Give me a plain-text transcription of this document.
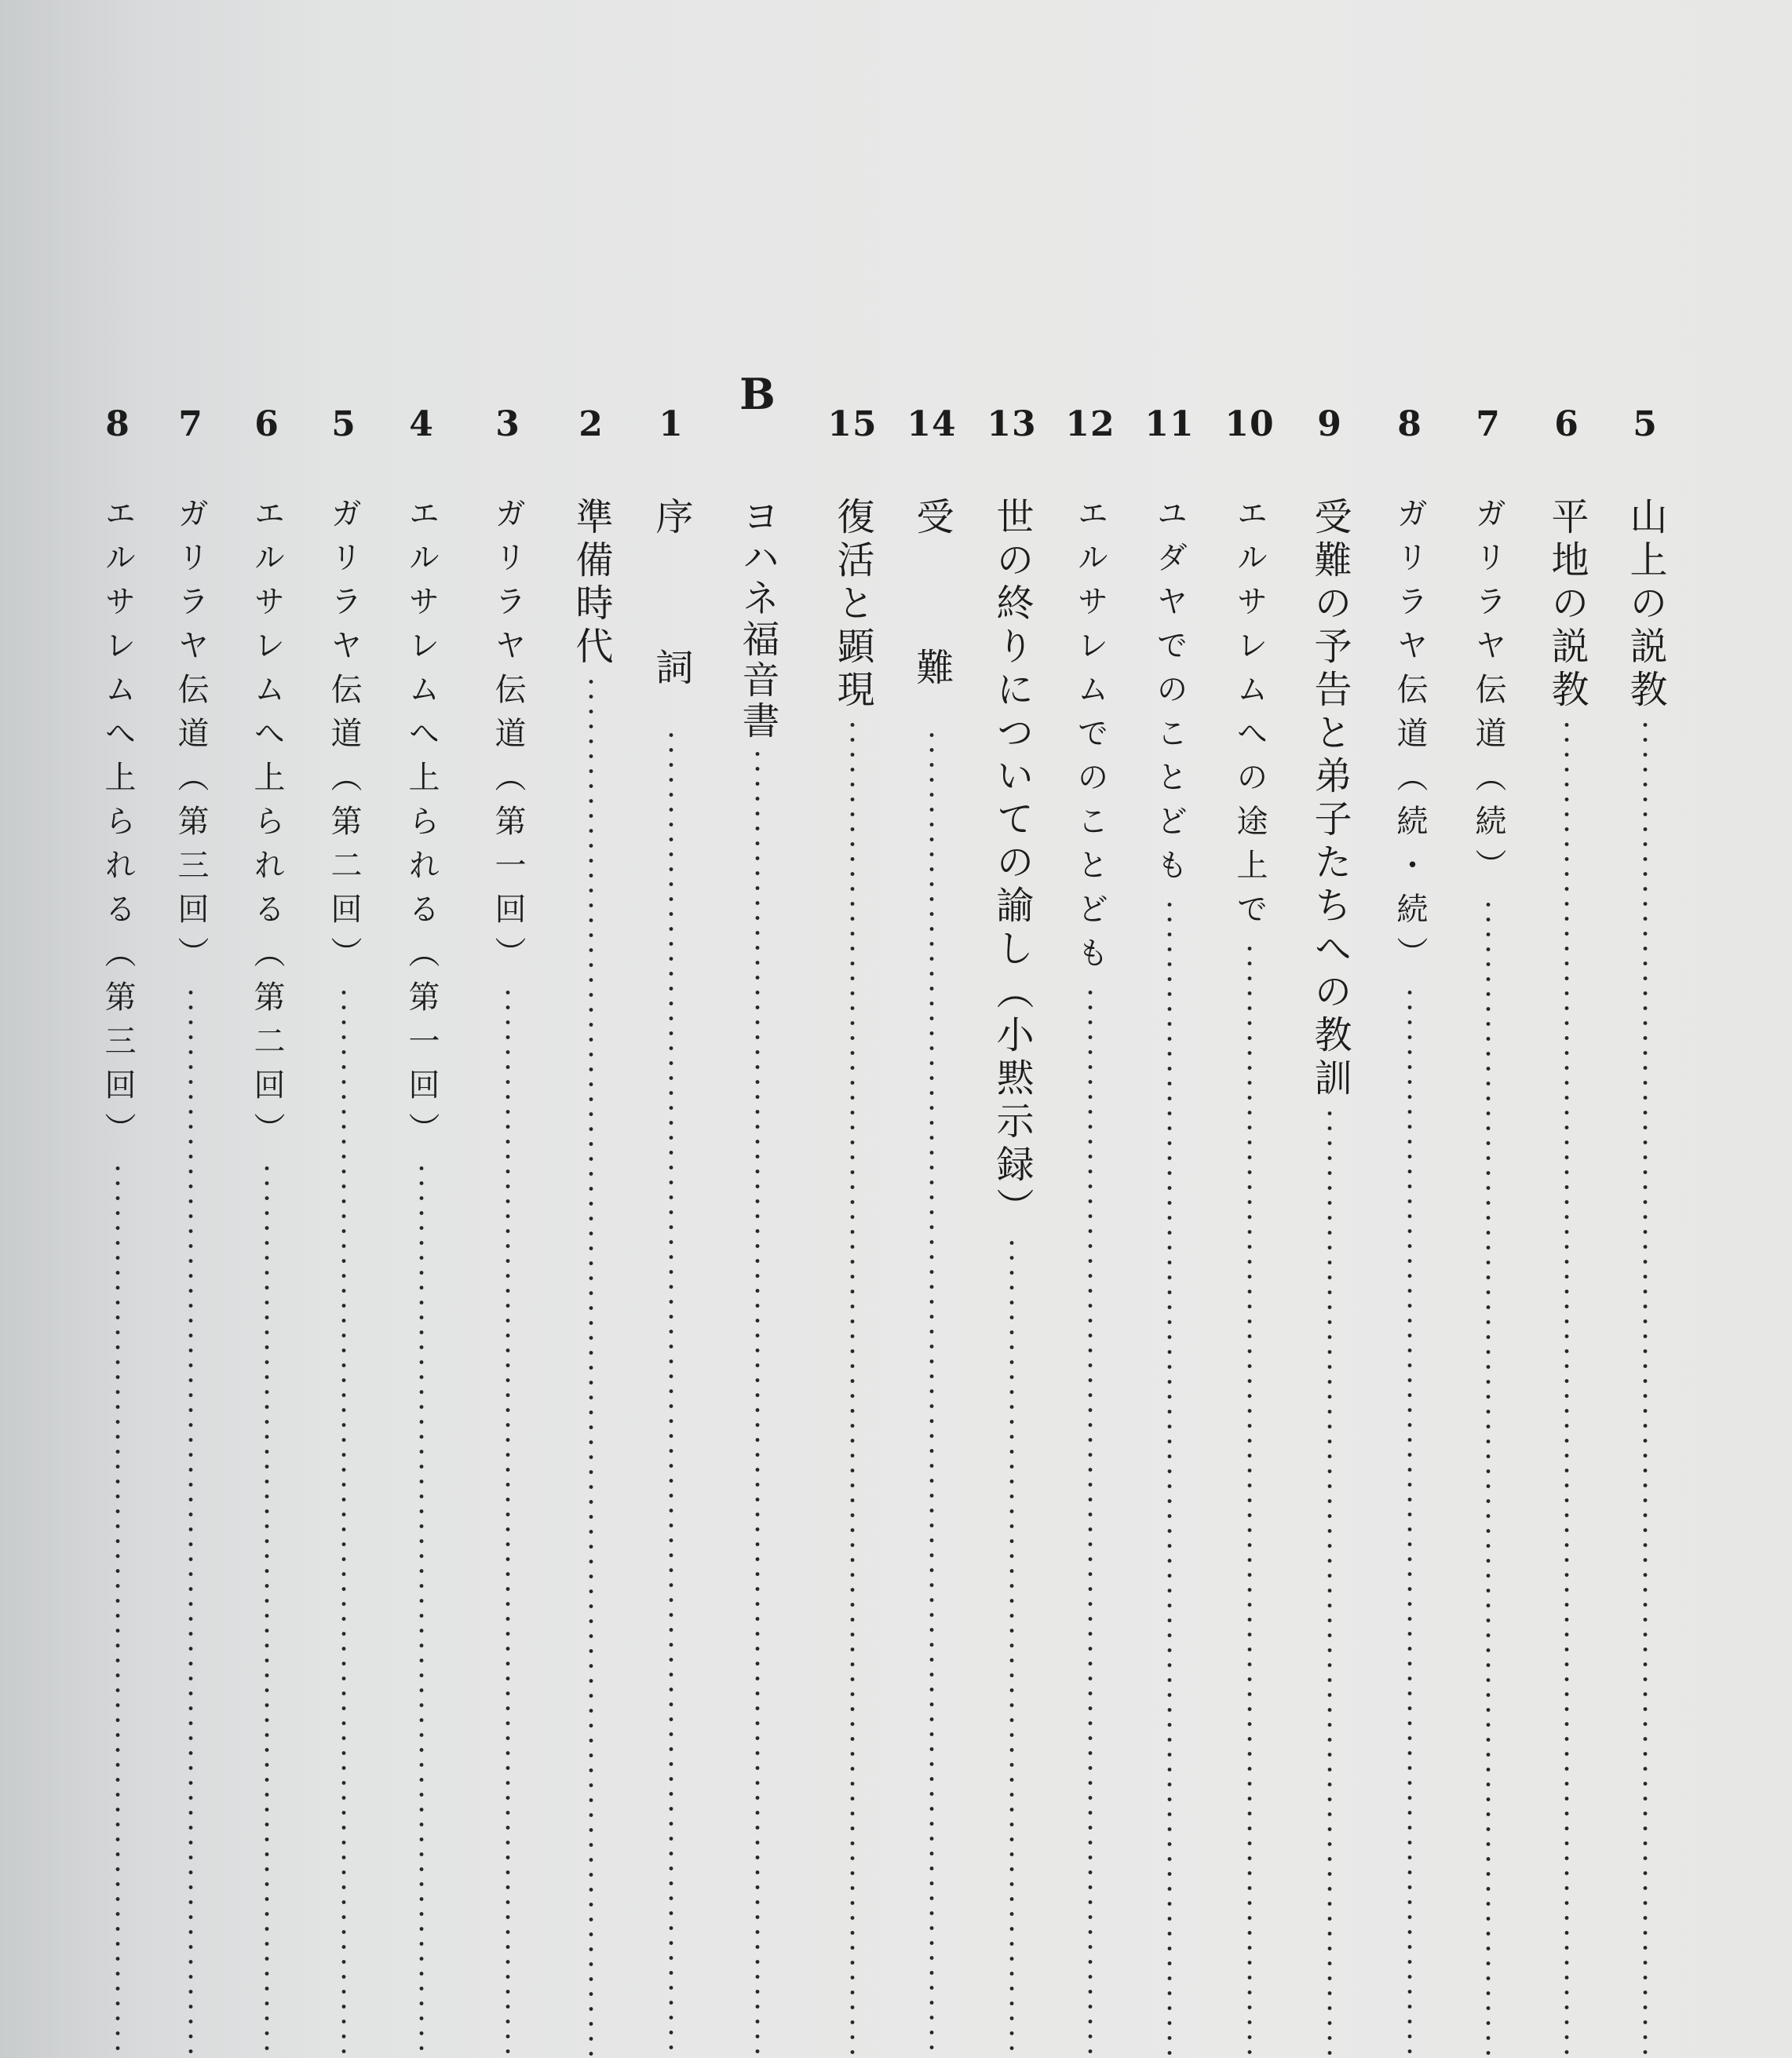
5
山上の説教
6
平地の説教
7
ガリラヤ伝道（続）
8
ガリラヤ伝道（続・続）
9
受難の予告と弟子たちへの教訓
10
エルサレムへの途上で
11
ユダヤでのことども
12
エルサレムでのことども
13
世の終りについての諭し（小黙示録）
14
受　難
15
復活と顕現
B
ヨハネ福音書
1
序　詞
2
準備時代
3
ガリラヤ伝道（第一回）
4
エルサレムへ上られる（第一回）
5
ガリラヤ伝道（第二回）
6
エルサレムへ上られる（第二回）
7
ガリラヤ伝道（第三回）
8
エルサレムへ上られる（第三回）
